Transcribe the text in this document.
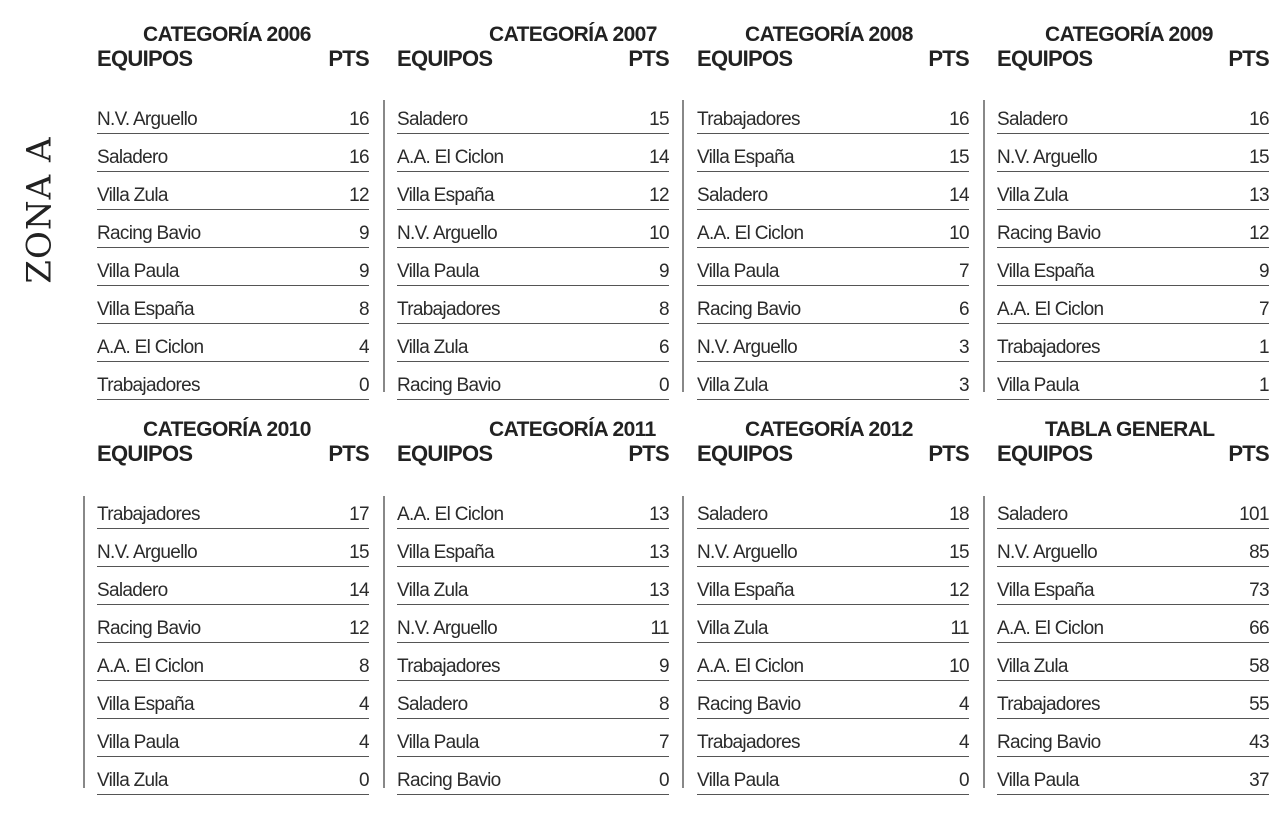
ZONA A
CATEGORÍA 2006
EQUIPOS	PTS
N.V. Arguello	16
Saladero	16
Villa Zula	12
Racing Bavio	9
Villa Paula	9
Villa España	8
A.A. El Ciclon	4
Trabajadores	0
CATEGORÍA 2007
EQUIPOS	PTS
Saladero	15
A.A. El Ciclon	14
Villa España	12
N.V. Arguello	10
Villa Paula	9
Trabajadores	8
Villa Zula	6
Racing Bavio	0
CATEGORÍA 2008
EQUIPOS	PTS
Trabajadores	16
Villa España	15
Saladero	14
A.A. El Ciclon	10
Villa Paula	7
Racing Bavio	6
N.V. Arguello	3
Villa Zula	3
CATEGORÍA 2009
EQUIPOS	PTS
Saladero	16
N.V. Arguello	15
Villa Zula	13
Racing Bavio	12
Villa España	9
A.A. El Ciclon	7
Trabajadores	1
Villa Paula	1
CATEGORÍA 2010
EQUIPOS	PTS
Trabajadores	17
N.V. Arguello	15
Saladero	14
Racing Bavio	12
A.A. El Ciclon	8
Villa España	4
Villa Paula	4
Villa Zula	0
CATEGORÍA 2011
EQUIPOS	PTS
A.A. El Ciclon	13
Villa España	13
Villa Zula	13
N.V. Arguello	11
Trabajadores	9
Saladero	8
Villa Paula	7
Racing Bavio	0
CATEGORÍA 2012
EQUIPOS	PTS
Saladero	18
N.V. Arguello	15
Villa España	12
Villa Zula	11
A.A. El Ciclon	10
Racing Bavio	4
Trabajadores	4
Villa Paula	0
TABLA GENERAL
EQUIPOS	PTS
Saladero	101
N.V. Arguello	85
Villa España	73
A.A. El Ciclon	66
Villa Zula	58
Trabajadores	55
Racing Bavio	43
Villa Paula	37
